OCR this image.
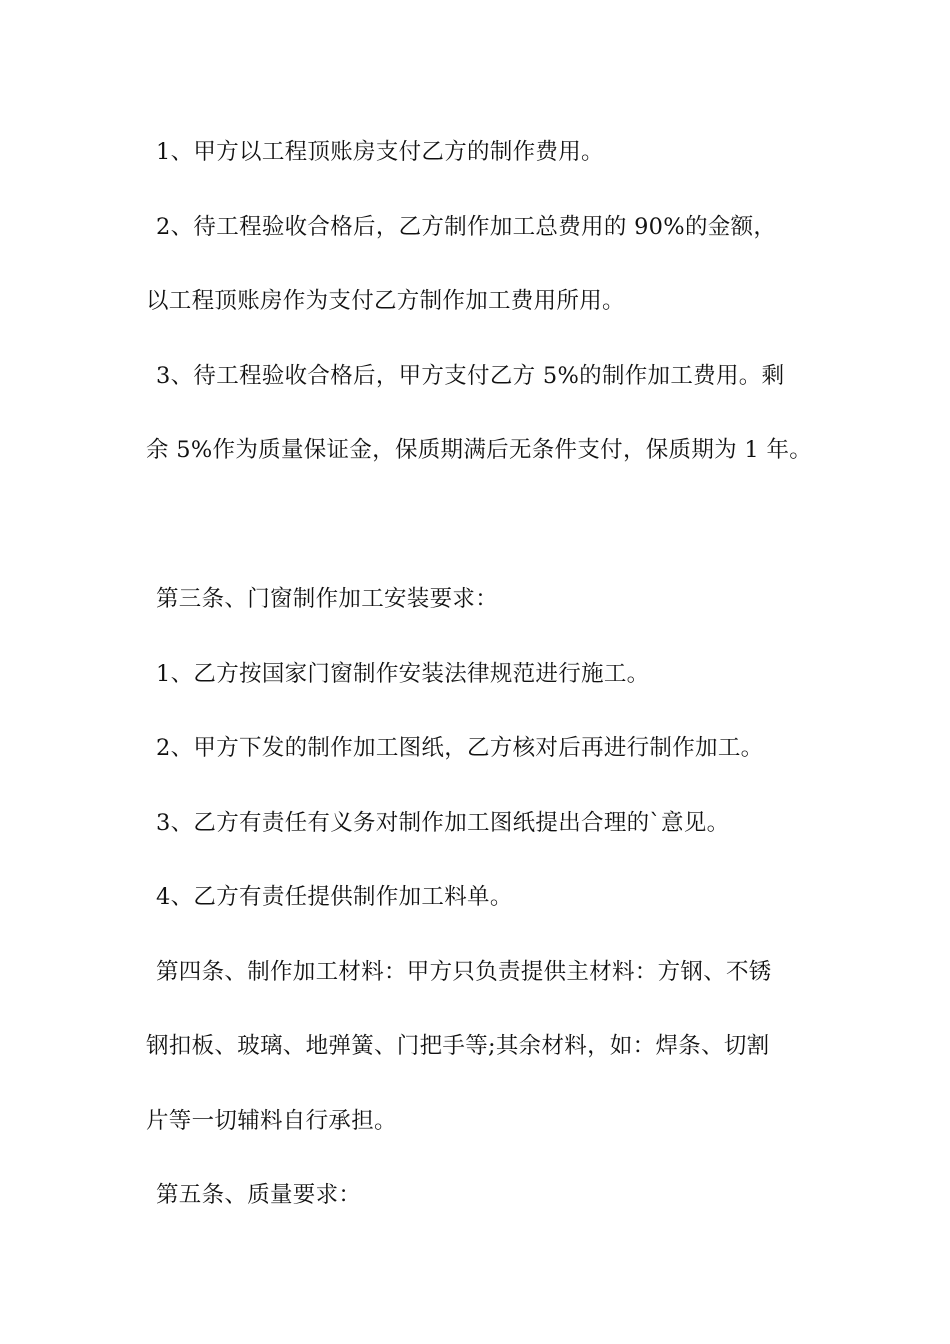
1、甲方以工程顶账房支付乙方的制作费用。
2、待工程验收合格后，乙方制作加工总费用的 90%的金额，
以工程顶账房作为支付乙方制作加工费用所用。
3、待工程验收合格后，甲方支付乙方 5%的制作加工费用。剩
余 5%作为质量保证金，保质期满后无条件支付，保质期为 1 年。
第三条、门窗制作加工安装要求：
1、乙方按国家门窗制作安装法律规范进行施工。
2、甲方下发的制作加工图纸，乙方核对后再进行制作加工。
3、乙方有责任有义务对制作加工图纸提出合理的`意见。
4、乙方有责任提供制作加工料单。
第四条、制作加工材料：甲方只负责提供主材料：方钢、不锈
钢扣板、玻璃、地弹簧、门把手等;其余材料，如：焊条、切割
片等一切辅料自行承担。
第五条、质量要求：
